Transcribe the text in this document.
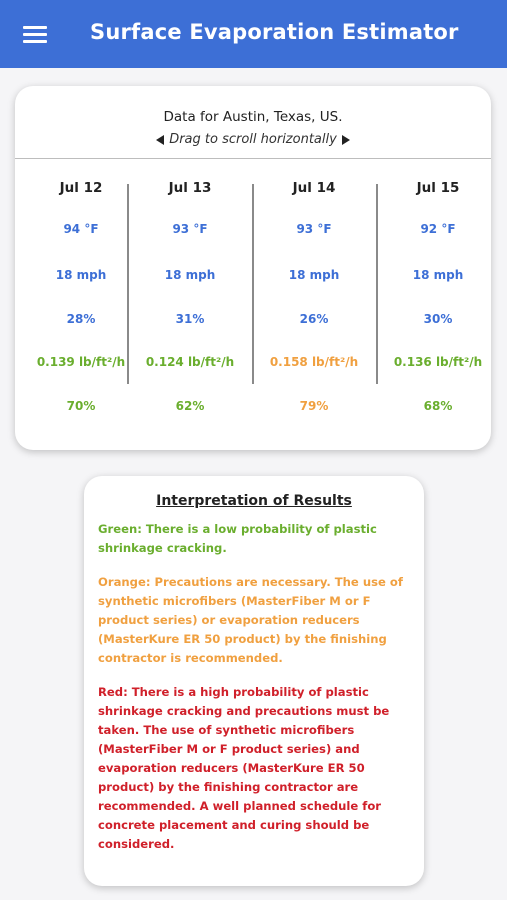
Surface Evaporation Estimator
Data for Austin, Texas, US.
Drag to scroll horizontally
Jul 12
94 °F
18 mph
28%
0.139 lb/ft²/h
70%
Jul 13
93 °F
18 mph
31%
0.124 lb/ft²/h
62%
Jul 14
93 °F
18 mph
26%
0.158 lb/ft²/h
79%
Jul 15
92 °F
18 mph
30%
0.136 lb/ft²/h
68%
Interpretation of Results
Green: There is a low probability of plastic shrinkage cracking.
Orange: Precautions are necessary. The use of synthetic microfibers (MasterFiber M or F product series) or evaporation reducers (MasterKure ER 50 product) by the finishing contractor is recommended.
Red: There is a high probability of plastic shrinkage cracking and precautions must be taken. The use of synthetic microfibers (MasterFiber M or F product series) and evaporation reducers (MasterKure ER 50 product) by the finishing contractor are recommended. A well planned schedule for concrete placement and curing should be considered.
